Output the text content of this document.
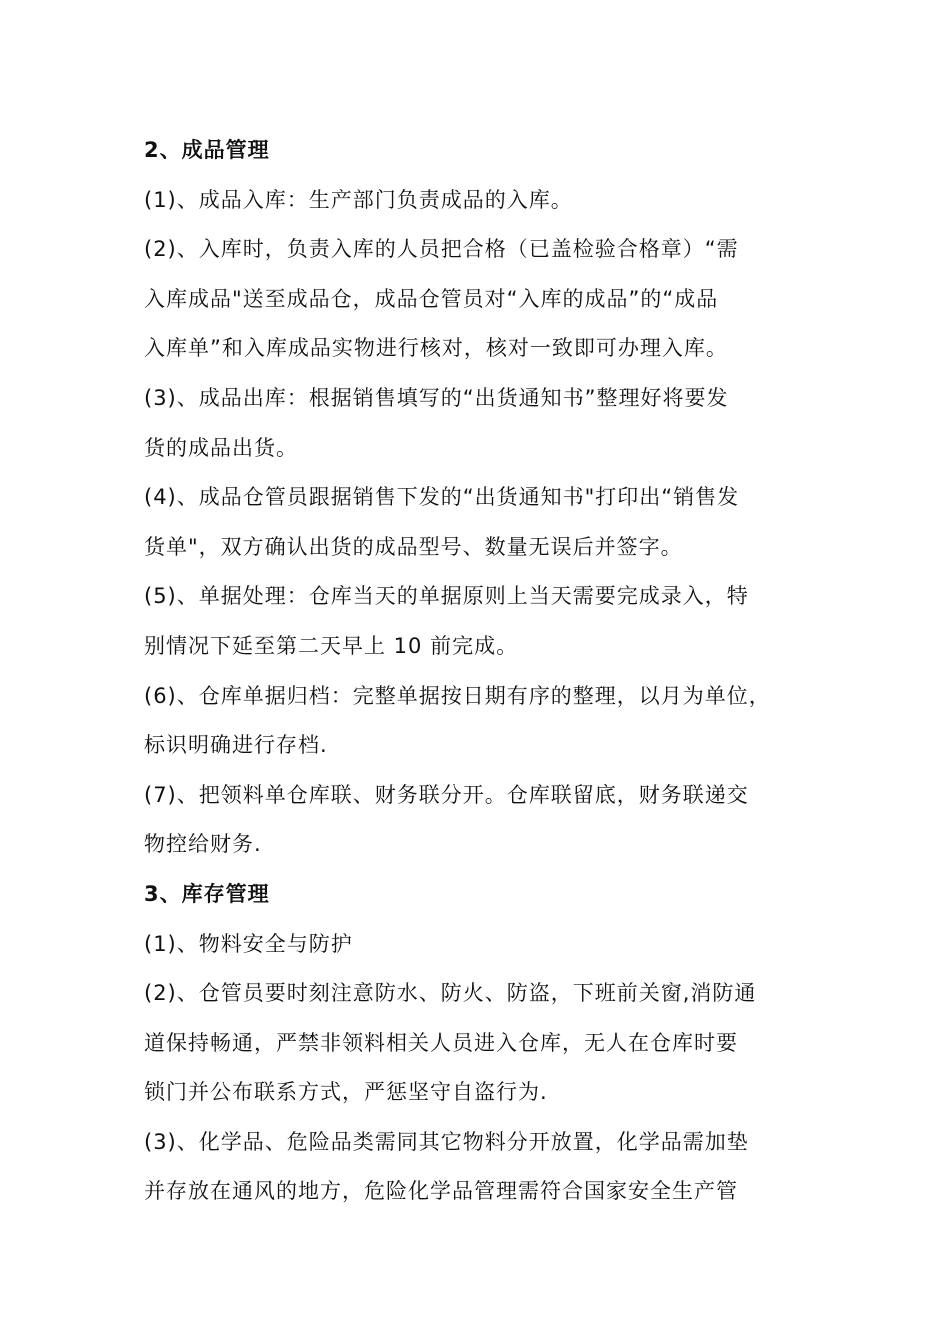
2、成品管理
(1)、成品入库：生产部门负责成品的入库。
(2)、入库时，负责入库的人员把合格（已盖检验合格章）“需
入库成品"送至成品仓，成品仓管员对“入库的成品”的“成品
入库单”和入库成品实物进行核对，核对一致即可办理入库。
(3)、成品出库：根据销售填写的“出货通知书”整理好将要发
货的成品出货。
(4)、成品仓管员跟据销售下发的“出货通知书"打印出“销售发
货单"，双方确认出货的成品型号、数量无误后并签字。
(5)、单据处理：仓库当天的单据原则上当天需要完成录入，特
别情况下延至第二天早上 10 前完成。
(6)、仓库单据归档：完整单据按日期有序的整理，以月为单位，
标识明确进行存档.
(7)、把领料单仓库联、财务联分开。仓库联留底，财务联递交
物控给财务.
3、库存管理
(1)、物料安全与防护
(2)、仓管员要时刻注意防水、防火、防盗，下班前关窗,消防通
道保持畅通，严禁非领料相关人员进入仓库，无人在仓库时要
锁门并公布联系方式，严惩坚守自盗行为.
(3)、化学品、危险品类需同其它物料分开放置，化学品需加垫
并存放在通风的地方，危险化学品管理需符合国家安全生产管
